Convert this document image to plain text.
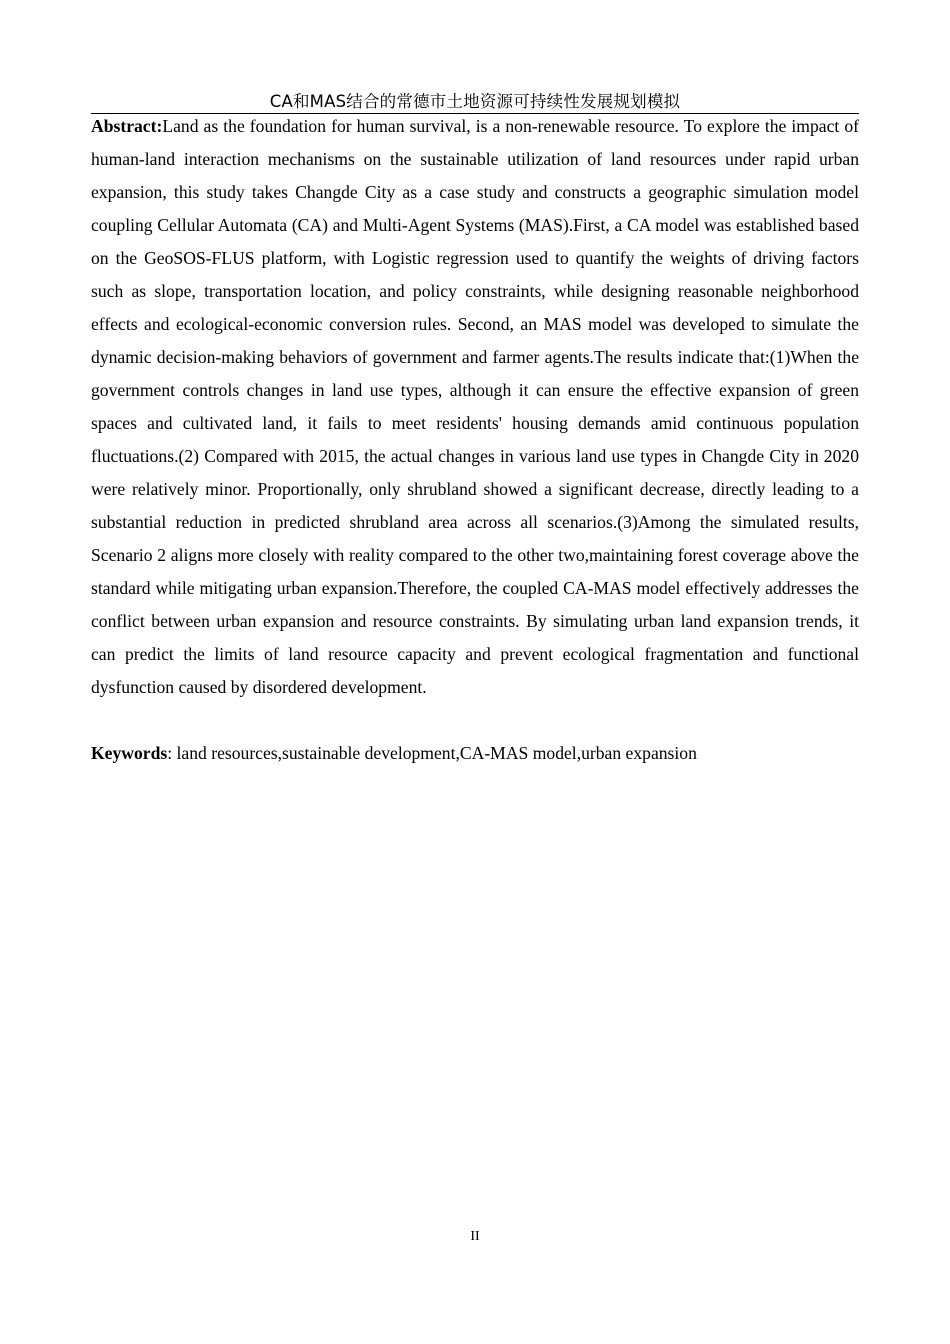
CA和MAS结合的常德市土地资源可持续性发展规划模拟

Abstract:Land as the foundation for human survival, is a non-renewable resource. To explore the impact of human-land interaction mechanisms on the sustainable utilization of land resources under rapid urban expansion, this study takes Changde City as a case study and constructs a geographic simulation model coupling Cellular Automata (CA) and Multi-Agent Systems (MAS).First, a CA model was established based on the GeoSOS-FLUS platform, with Logistic regression used to quantify the weights of driving factors such as slope, transportation location, and policy constraints, while designing reasonable neighborhood effects and ecological-economic conversion rules. Second, an MAS model was developed to simulate the dynamic decision-making behaviors of government and farmer agents.The results indicate that:(1)When the government controls changes in land use types, although it can ensure the effective expansion of green spaces and cultivated land, it fails to meet residents' housing demands amid continuous population fluctuations.(2) Compared with 2015, the actual changes in various land use types in Changde City in 2020 were relatively minor. Proportionally, only shrubland showed a significant decrease, directly leading to a substantial reduction in predicted shrubland area across all scenarios.(3)Among the simulated results, Scenario 2 aligns more closely with reality compared to the other two,maintaining forest coverage above the standard while mitigating urban expansion.Therefore, the coupled CA-MAS model effectively addresses the conflict between urban expansion and resource constraints. By simulating urban land expansion trends, it can predict the limits of land resource capacity and prevent ecological fragmentation and functional dysfunction caused by disordered development.

Keywords: land resources,sustainable development,CA-MAS model,urban expansion

II
